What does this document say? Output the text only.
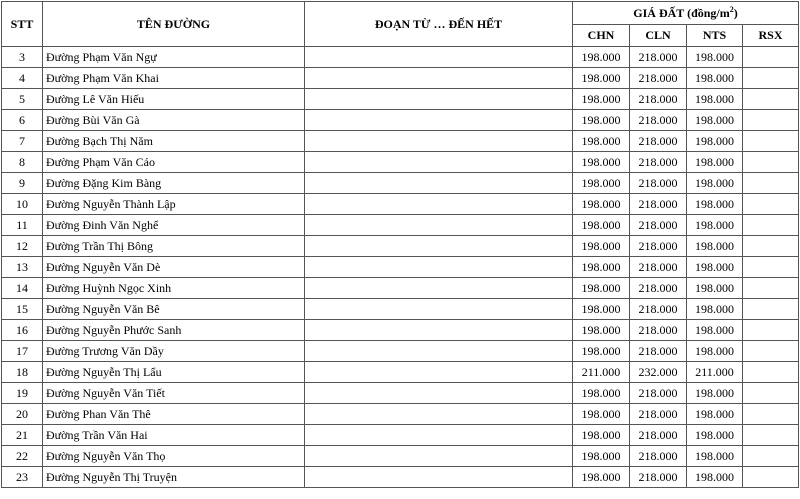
STT	TÊN ĐƯỜNG	ĐOẠN TỪ … ĐẾN HẾT	GIÁ ĐẤT $(đồng/m^2)$			
			CHN	CLN	NTS	RSX
3	Đường Phạm Văn Ngự		198.000	218.000	198.000	
4	Đường Phạm Văn Khai		198.000	218.000	198.000	
5	Đường Lê Văn Hiếu		198.000	218.000	198.000	
6	Đường Bùi Văn Gà		198.000	218.000	198.000	
7	Đường Bạch Thị Năm		198.000	218.000	198.000	
8	Đường Phạm Văn Cáo		198.000	218.000	198.000	
9	Đường Đặng Kim Bàng		198.000	218.000	198.000	
10	Đường Nguyễn Thành Lập		198.000	218.000	198.000	
11	Đường Đinh Văn Nghể		198.000	218.000	198.000	
12	Đường Trần Thị Bông		198.000	218.000	198.000	
13	Đường Nguyễn Văn Dè		198.000	218.000	198.000	
14	Đường Huỳnh Ngọc Xinh		198.000	218.000	198.000	
15	Đường Nguyễn Văn Bê		198.000	218.000	198.000	
16	Đường Nguyễn Phước Sanh		198.000	218.000	198.000	
17	Đường Trương Văn Dầy		198.000	218.000	198.000	
18	Đường Nguyễn Thị Lẩu		211.000	232.000	211.000	
19	Đường Nguyễn Văn Tiết		198.000	218.000	198.000	
20	Đường Phan Văn Thê		198.000	218.000	198.000	
21	Đường Trần Văn Hai		198.000	218.000	198.000	
22	Đường Nguyễn Văn Thọ		198.000	218.000	198.000	
23	Đường Nguyễn Thị Truyện		198.000	218.000	198.000	
